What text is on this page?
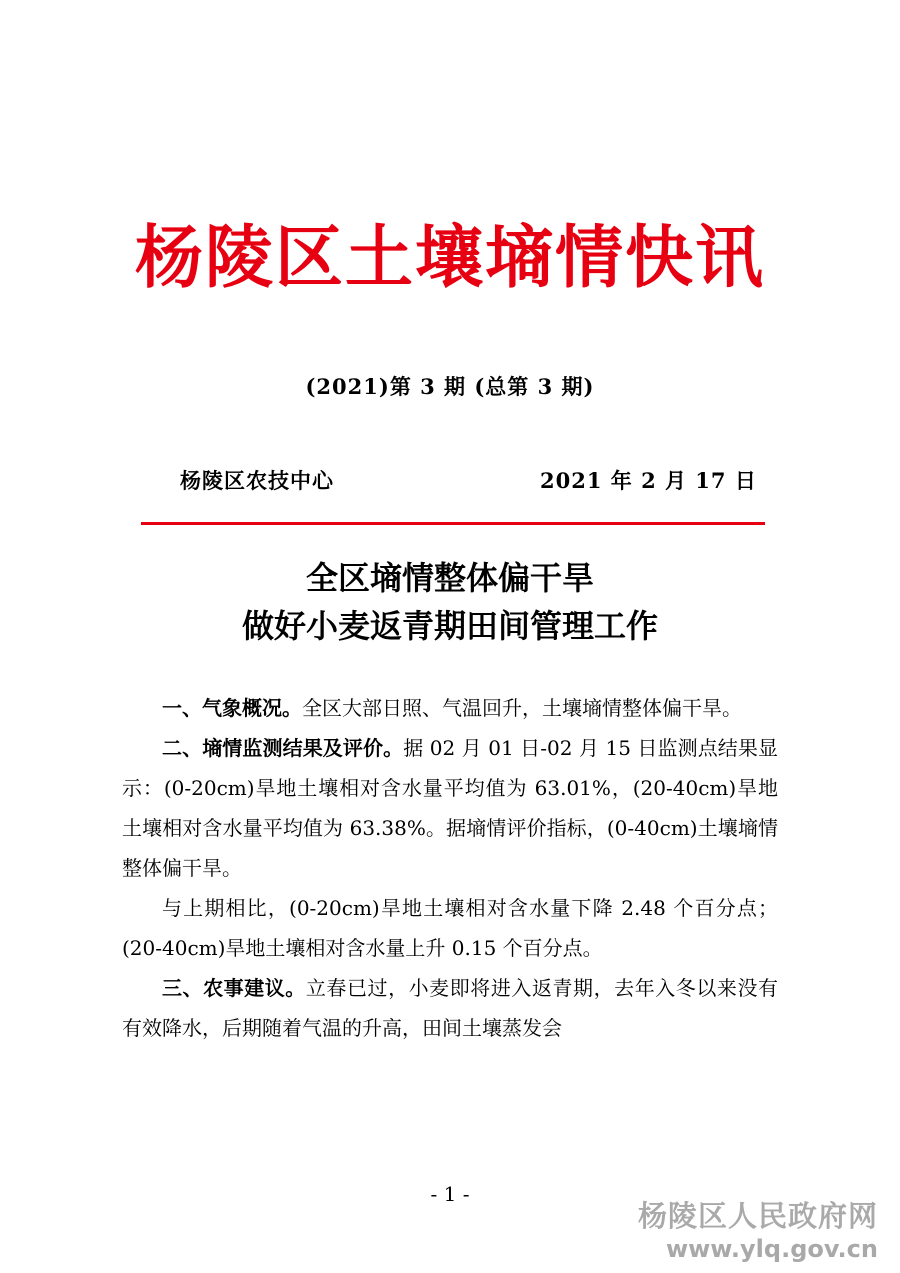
杨陵区土壤墒情快讯
(2021)第 3 期 (总第 3 期)
杨陵区农技中心	2021 年 2 月 17 日
全区墒情整体偏干旱
做好小麦返青期田间管理工作

一、气象概况。全区大部日照、气温回升，土壤墒情整体偏干旱。

二、墒情监测结果及评价。据 02 月 01 日-02 月 15 日监测点结果显示：(0-20cm)旱地土壤相对含水量平均值为 63.01%，(20-40cm)旱地土壤相对含水量平均值为 63.38%。据墒情评价指标，(0-40cm)土壤墒情整体偏干旱。

与上期相比，(0-20cm)旱地土壤相对含水量下降 2.48 个百分点；(20-40cm)旱地土壤相对含水量上升 0.15 个百分点。

三、农事建议。立春已过，小麦即将进入返青期，去年入冬以来没有有效降水，后期随着气温的升高，田间土壤蒸发会

- 1 -
杨陵区人民政府网
www.ylq.gov.cn
